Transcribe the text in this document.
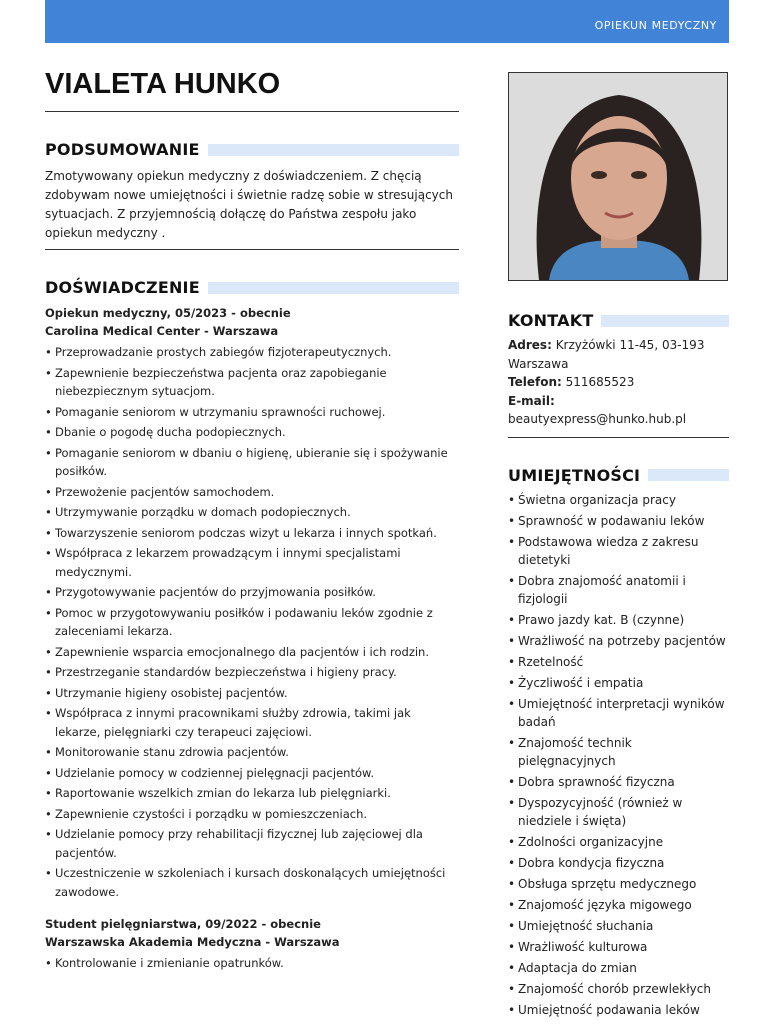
OPIEKUN MEDYCZNY
VIALETA HUNKO
PODSUMOWANIE

Zmotywowany opiekun medyczny z doświadczeniem. Z chęcią zdobywam nowe umiejętności i świetnie radzę sobie w stresujących sytuacjach. Z przyjemnością dołączę do Państwa zespołu jako opiekun medyczny .

DOŚWIADCZENIE
Opiekun medyczny, 05/2023 - obecnie
Carolina Medical Center - Warszawa
• Przeprowadzanie prostych zabiegów fizjoterapeutycznych.
• Zapewnienie bezpieczeństwa pacjenta oraz zapobieganie niebezpiecznym sytuacjom.
• Pomaganie seniorom w utrzymaniu sprawności ruchowej.
• Dbanie o pogodę ducha podopiecznych.
• Pomaganie seniorom w dbaniu o higienę, ubieranie się i spożywanie posiłków.
• Przewożenie pacjentów samochodem.
• Utrzymywanie porządku w domach podopiecznych.
• Towarzyszenie seniorom podczas wizyt u lekarza i innych spotkań.
• Współpraca z lekarzem prowadzącym i innymi specjalistami medycznymi.
• Przygotowywanie pacjentów do przyjmowania posiłków.
• Pomoc w przygotowywaniu posiłków i podawaniu leków zgodnie z zaleceniami lekarza.
• Zapewnienie wsparcia emocjonalnego dla pacjentów i ich rodzin.
• Przestrzeganie standardów bezpieczeństwa i higieny pracy.
• Utrzymanie higieny osobistej pacjentów.
• Współpraca z innymi pracownikami służby zdrowia, takimi jak lekarze, pielęgniarki czy terapeuci zajęciowi.
• Monitorowanie stanu zdrowia pacjentów.
• Udzielanie pomocy w codziennej pielęgnacji pacjentów.
• Raportowanie wszelkich zmian do lekarza lub pielęgniarki.
• Zapewnienie czystości i porządku w pomieszczeniach.
• Udzielanie pomocy przy rehabilitacji fizycznej lub zajęciowej dla pacjentów.
• Uczestniczenie w szkoleniach i kursach doskonalących umiejętności zawodowe.
Student pielęgniarstwa, 09/2022 - obecnie
Warszawska Akademia Medyczna - Warszawa
• Kontrolowanie i zmienianie opatrunków.
KONTAKT
Adres: Krzyżówki 11-45, 03-193 Warszawa
Telefon: 511685523
E-mail: beautyexpress@hunko.hub.pl
UMIEJĘTNOŚCI
• Świetna organizacja pracy
• Sprawność w podawaniu leków
• Podstawowa wiedza z zakresu dietetyki
• Dobra znajomość anatomii i fizjologii
• Prawo jazdy kat. B (czynne)
• Wrażliwość na potrzeby pacjentów
• Rzetelność
• Życzliwość i empatia
• Umiejętność interpretacji wyników badań
• Znajomość technik pielęgnacyjnych
• Dobra sprawność fizyczna
• Dyspozycyjność (również w niedziele i święta)
• Zdolności organizacyjne
• Dobra kondycja fizyczna
• Obsługa sprzętu medycznego
• Znajomość języka migowego
• Umiejętność słuchania
• Wrażliwość kulturowa
• Adaptacja do zmian
• Znajomość chorób przewlekłych
• Umiejętność podawania leków
